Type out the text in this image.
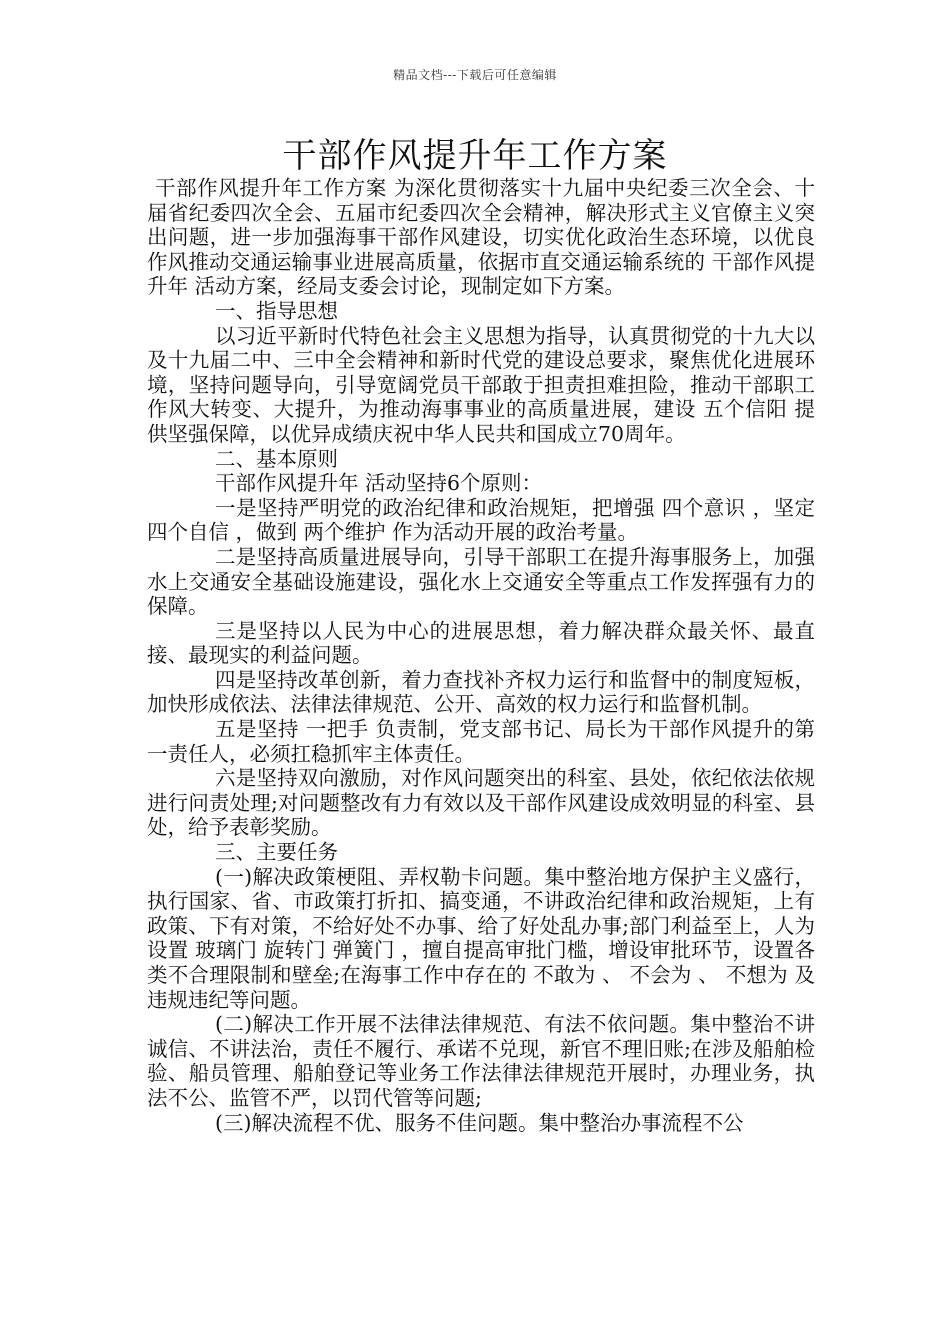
精品文档---下载后可任意编辑
干部作风提升年工作方案

干部作风提升年工作方案 为深化贯彻落实十九届中央纪委三次全会、十届省纪委四次全会、五届市纪委四次全会精神，解决形式主义官僚主义突出问题，进一步加强海事干部作风建设，切实优化政治生态环境，以优良作风推动交通运输事业进展高质量，依据市直交通运输系统的 干部作风提升年 活动方案，经局支委会讨论，现制定如下方案。

一、指导思想

以习近平新时代特色社会主义思想为指导，认真贯彻党的十九大以及十九届二中、三中全会精神和新时代党的建设总要求，聚焦优化进展环境，坚持问题导向，引导宽阔党员干部敢于担责担难担险，推动干部职工作风大转变、大提升，为推动海事事业的高质量进展，建设 五个信阳 提供坚强保障，以优异成绩庆祝中华人民共和国成立70周年。

二、基本原则

干部作风提升年 活动坚持6个原则：

一是坚持严明党的政治纪律和政治规矩，把增强 四个意识 ，坚定 四个自信 ，做到 两个维护 作为活动开展的政治考量。

二是坚持高质量进展导向，引导干部职工在提升海事服务上，加强水上交通安全基础设施建设，强化水上交通安全等重点工作发挥强有力的保障。

三是坚持以人民为中心的进展思想，着力解决群众最关怀、最直接、最现实的利益问题。

四是坚持改革创新，着力查找补齐权力运行和监督中的制度短板，加快形成依法、法律法律规范、公开、高效的权力运行和监督机制。

五是坚持 一把手 负责制，党支部书记、局长为干部作风提升的第一责任人，必须扛稳抓牢主体责任。

六是坚持双向激励，对作风问题突出的科室、县处，依纪依法依规进行问责处理;对问题整改有力有效以及干部作风建设成效明显的科室、县处，给予表彰奖励。

三、主要任务

(一)解决政策梗阻、弄权勒卡问题。集中整治地方保护主义盛行，执行国家、省、市政策打折扣、搞变通，不讲政治纪律和政治规矩，上有政策、下有对策，不给好处不办事、给了好处乱办事;部门利益至上，人为设置 玻璃门 旋转门 弹簧门 ，擅自提高审批门槛，增设审批环节，设置各类不合理限制和壁垒;在海事工作中存在的 不敢为 、 不会为 、 不想为 及违规违纪等问题。

(二)解决工作开展不法律法律规范、有法不依问题。集中整治不讲诚信、不讲法治，责任不履行、承诺不兑现，新官不理旧账;在涉及船舶检验、船员管理、船舶登记等业务工作法律法律规范开展时，办理业务，执法不公、监管不严，以罚代管等问题;

(三)解决流程不优、服务不佳问题。集中整治办事流程不公
